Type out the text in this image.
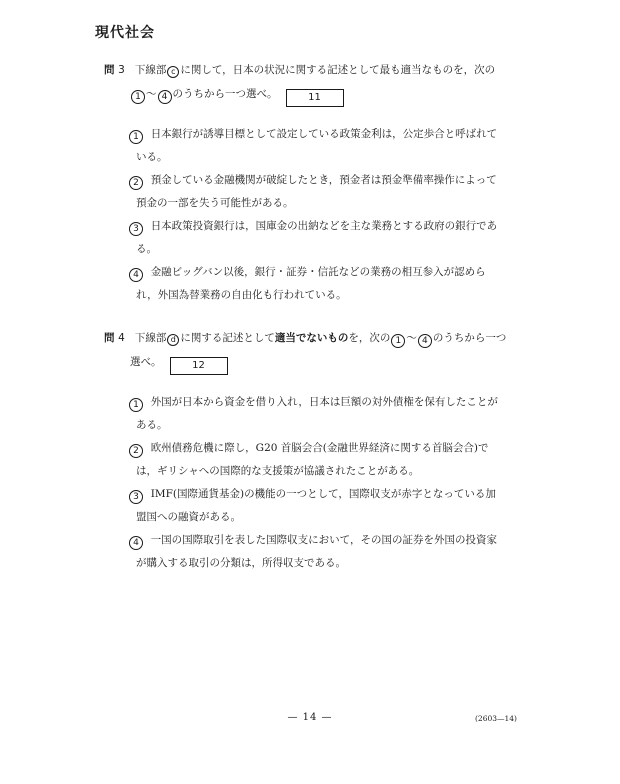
現代社会
問 3 下線部 c に関して，日本の状況に関する記述として最も適当なものを，次の
1 〜 4 のうちから一つ選べ。	11
1 日本銀行が誘導目標として設定している政策金利は，公定歩合と呼ばれて
いる。
2 預金している金融機関が破綻したとき，預金者は預金準備率操作によって
預金の一部を失う可能性がある。
3 日本政策投資銀行は，国庫金の出納などを主な業務とする政府の銀行であ
る。
4 金融ビッグバン以後，銀行・証券・信託などの業務の相互参入が認めら
れ，外国為替業務の自由化も行われている。
問 4 下線部 d に関する記述として適当でないものを，次の 1 〜 4 のうちから一つ
選べ。	12
1 外国が日本から資金を借り入れ，日本は巨額の対外債権を保有したことが
ある。
2 欧州債務危機に際し，G20 首脳会合(金融世界経済に関する首脳会合)で
は，ギリシャへの国際的な支援策が協議されたことがある。
3 IMF(国際通貨基金)の機能の一つとして，国際収支が赤字となっている加
盟国への融資がある。
4 一国の国際取引を表した国際収支において，その国の証券を外国の投資家
が購入する取引の分類は，所得収支である。
— 14 —	(2603—14)
